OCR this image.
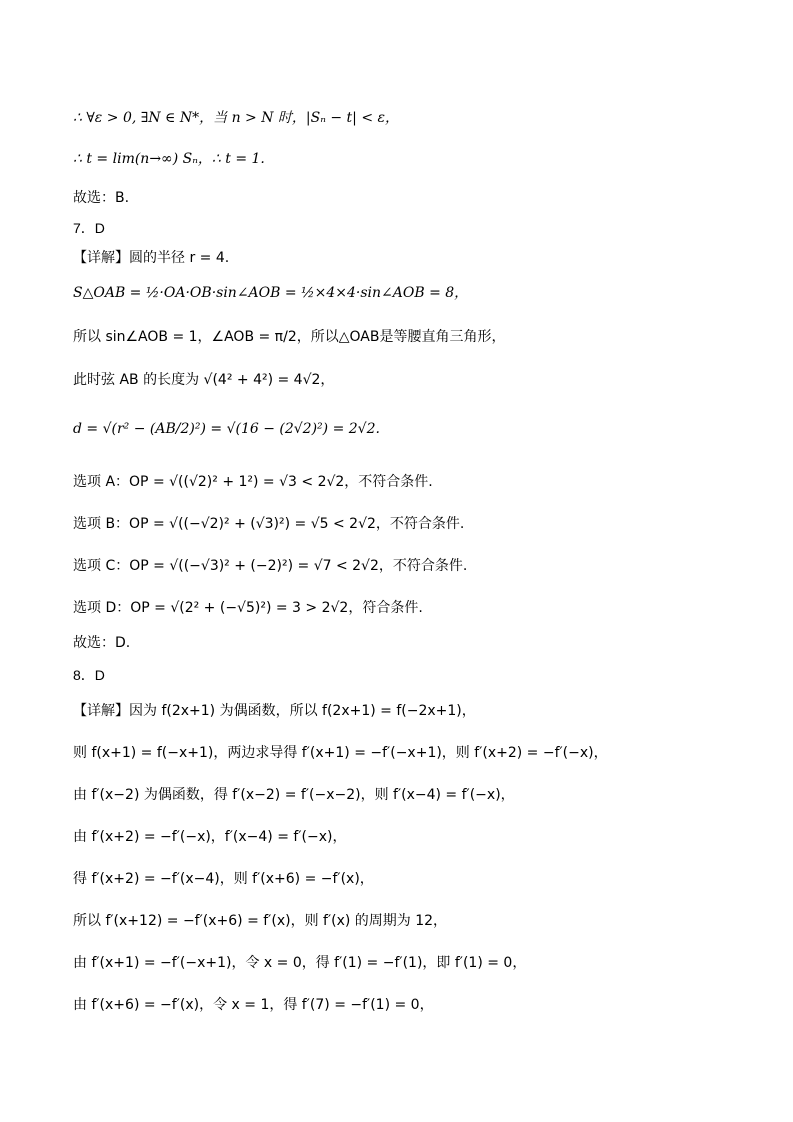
∴ ∀ε > 0, ∃N ∈ N*，当 n > N 时，|Sₙ − t| < ε，
∴ t = lim(n→∞) Sₙ，∴ t = 1.
故选：B.
7．D
【详解】圆的半径 r = 4.
S△OAB = ½·OA·OB·sin∠AOB = ½×4×4·sin∠AOB = 8，
所以 sin∠AOB = 1，∠AOB = π/2，所以△OAB是等腰直角三角形，
此时弦 AB 的长度为 √(4² + 4²) = 4√2，
d = √(r² − (AB/2)²) = √(16 − (2√2)²) = 2√2.
选项 A：OP = √((√2)² + 1²) = √3 < 2√2，不符合条件.
选项 B：OP = √((−√2)² + (√3)²) = √5 < 2√2，不符合条件.
选项 C：OP = √((−√3)² + (−2)²) = √7 < 2√2，不符合条件.
选项 D：OP = √(2² + (−√5)²) = 3 > 2√2，符合条件.
故选：D.
8．D
【详解】因为 f(2x+1) 为偶函数，所以 f(2x+1) = f(−2x+1)，
则 f(x+1) = f(−x+1)，两边求导得 f′(x+1) = −f′(−x+1)，则 f′(x+2) = −f′(−x)，
由 f′(x−2) 为偶函数，得 f′(x−2) = f′(−x−2)，则 f′(x−4) = f′(−x)，
由 f′(x+2) = −f′(−x)，f′(x−4) = f′(−x)，
得 f′(x+2) = −f′(x−4)，则 f′(x+6) = −f′(x)，
所以 f′(x+12) = −f′(x+6) = f′(x)，则 f′(x) 的周期为 12，
由 f′(x+1) = −f′(−x+1)，令 x = 0，得 f′(1) = −f′(1)，即 f′(1) = 0，
由 f′(x+6) = −f′(x)，令 x = 1，得 f′(7) = −f′(1) = 0，
